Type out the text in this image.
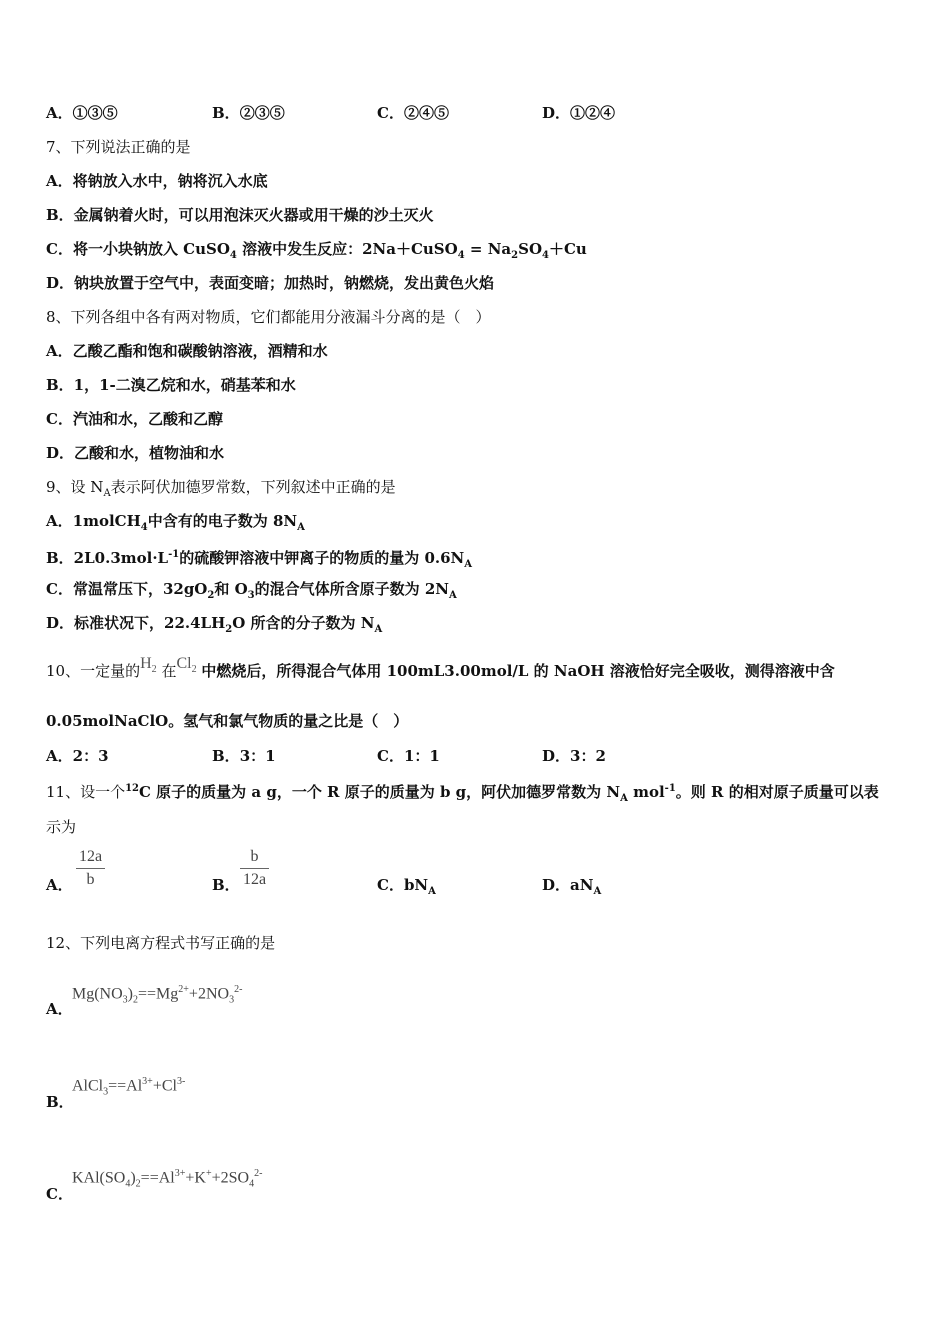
A．①③⑤	B．②③⑤	C．②④⑤	D．①②④
7、下列说法正确的是
A．将钠放入水中，钠将沉入水底
B．金属钠着火时，可以用泡沫灭火器或用干燥的沙土灭火
C．将一小块钠放入 CuSO$_4$ 溶液中发生反应：2Na＋CuSO$_4$ = $Na_2SO_4+Cu$
D．钠块放置于空气中，表面变暗；加热时，钠燃烧，发出黄色火焰
8、下列各组中各有两对物质，它们都能用分液漏斗分离的是（　）
A．乙酸乙酯和饱和碳酸钠溶液，酒精和水
B．1，1-二溴乙烷和水，硝基苯和水
C．汽油和水，乙酸和乙醇
D．乙酸和水，植物油和水
9、设 $N_A$表示阿伏加德罗常数，下列叙述中正确的是
A．1molCH$_4$中含有的电子数为 $8N_A$
B．$2L0.3mol\cdot L^{-1}$的硫酸钾溶液中钾离子的物质的量为 $0.6N_A$
C．常温常压下，$32gO_2$和 $O_3$的混合气体所含原子数为 $2N_A$
D．标准状况下，$22.4LH_2O$ 所含的分子数为 $N_A$
10、一定量的$H_2$ 在$Cl_2$ 中燃烧后，所得混合气体用 100mL3.00mol/L 的 NaOH 溶液恰好完全吸收，测得溶液中含
0.05molNaClO。氢气和氯气物质的量之比是（　）
A．2：3	B．3：1	C．1：1	D．3：2
11、设一个$^{12}$C 原子的质量为 a g，一个 R 原子的质量为 b g，阿伏加德罗常数为 $N_A$ mol$^{-1}$。则 R 的相对原子质量可以表
示为
A． $\frac{12a}{b}$	B． $\frac{b}{12a}$	C．$bN_A$	D．$aN_A$
12、下列电离方程式书写正确的是
$Mg(NO_3)_2==Mg^{2+}+2NO_3^{2-}$
A．
$AlCl_3==Al^{3+}+Cl^{3-}$
B．
$KAl(SO_4)_2==Al^{3+}+K^++2SO_4^{2-}$
C．
